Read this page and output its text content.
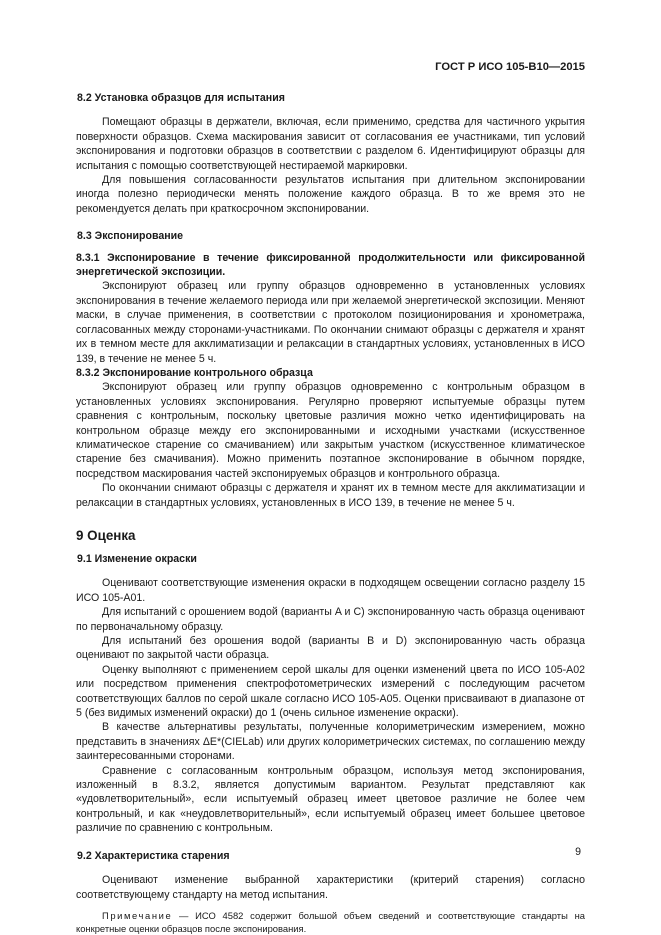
ГОСТ Р ИСО 105-B10—2015

8.2 Установка образцов для испытания

Помещают образцы в держатели, включая, если применимо, средства для частичного укрытия поверхности образцов. Схема маскирования зависит от согласования ее участниками, тип условий экспонирования и подготовки образцов в соответствии с разделом 6. Идентифицируют образцы для испытания с помощью соответствующей нестираемой маркировки.

Для повышения согласованности результатов испытания при длительном экспонировании иногда полезно периодически менять положение каждого образца. В то же время это не рекомендуется делать при краткосрочном экспонировании.

8.3 Экспонирование

8.3.1 Экспонирование в течение фиксированной продолжительности или фиксированной энергетической экспозиции.

Экспонируют образец или группу образцов одновременно в установленных условиях экспонирования в течение желаемого периода или при желаемой энергетической экспозиции. Меняют маски, в случае применения, в соответствии с протоколом позиционирования и хронометража, согласованных между сторонами-участниками. По окончании снимают образцы с держателя и хранят их в темном месте для акклиматизации и релаксации в стандартных условиях, установленных в ИСО 139, в течение не менее 5 ч.

8.3.2 Экспонирование контрольного образца

Экспонируют образец или группу образцов одновременно с контрольным образцом в установленных условиях экспонирования. Регулярно проверяют испытуемые образцы путем сравнения с контрольным, поскольку цветовые различия можно четко идентифицировать на контрольном образце между его экспонированными и исходными участками (искусственное климатическое старение со смачиванием) или закрытым участком (искусственное климатическое старение без смачивания). Можно применить поэтапное экспонирование в обычном порядке, посредством маскирования частей экспонируемых образцов и контрольного образца.

По окончании снимают образцы с держателя и хранят их в темном месте для акклиматизации и релаксации в стандартных условиях, установленных в ИСО 139, в течение не менее 5 ч.

9 Оценка

9.1 Изменение окраски

Оценивают соответствующие изменения окраски в подходящем освещении согласно разделу 15 ИСО 105-A01.

Для испытаний с орошением водой (варианты A и C) экспонированную часть образца оценивают по первоначальному образцу.

Для испытаний без орошения водой (варианты B и D) экспонированную часть образца оценивают по закрытой части образца.

Оценку выполняют с применением серой шкалы для оценки изменений цвета по ИСО 105-A02 или посредством применения спектрофотометрических измерений с последующим расчетом соответствующих баллов по серой шкале согласно ИСО 105-A05. Оценки присваивают в диапазоне от 5 (без видимых изменений окраски) до 1 (очень сильное изменение окраски).

В качестве альтернативы результаты, полученные колориметрическим измерением, можно представить в значениях ΔE*(CIELab) или других колориметрических системах, по соглашению между заинтересованными сторонами.

Сравнение с согласованным контрольным образцом, используя метод экспонирования, изложенный в 8.3.2, является допустимым вариантом. Результат представляют как «удовлетворительный», если испытуемый образец имеет цветовое различие не более чем контрольный, и как «неудовлетворительный», если испытуемый образец имеет большее цветовое различие по сравнению с контрольным.

9.2 Характеристика старения

Оценивают изменение выбранной характеристики (критерий старения) согласно соответствующему стандарту на метод испытания.

Примечание — ИСО 4582 содержит большой объем сведений и соответствующие стандарты на конкретные оценки образцов после экспонирования.

9
